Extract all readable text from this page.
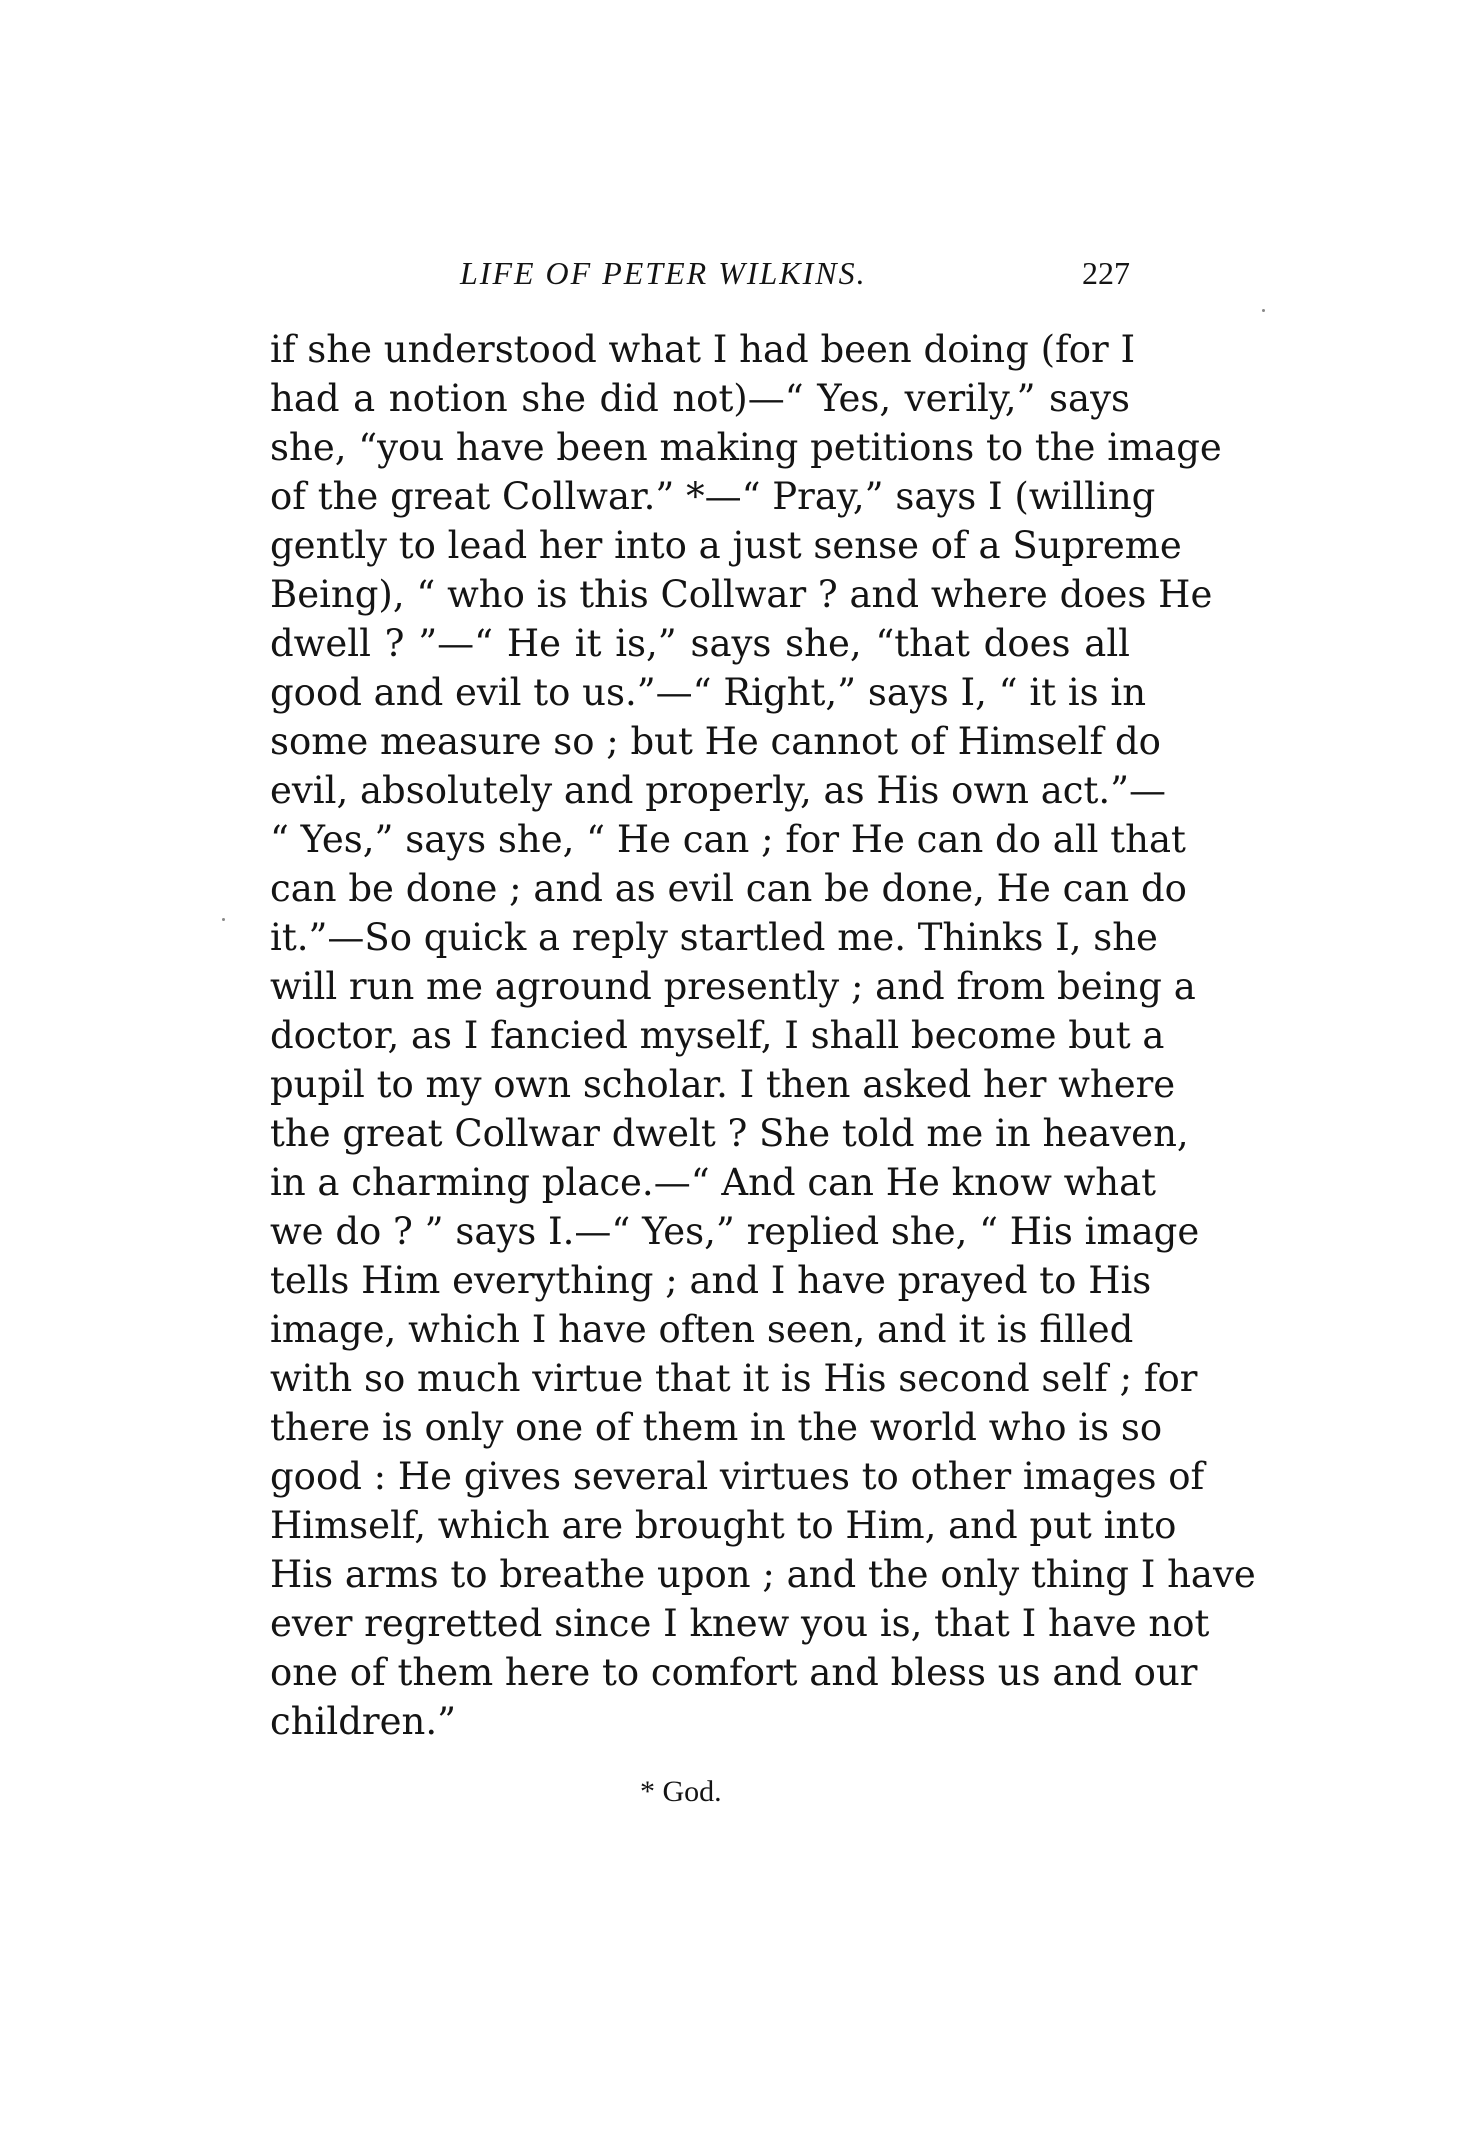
LIFE OF PETER WILKINS.	227
if she understood what I had been doing (for I
had a notion she did not)—“ Yes, verily,” says
she, “you have been making petitions to the image
of the great Collwar.” *—“ Pray,” says I (willing
gently to lead her into a just sense of a Supreme
Being), “ who is this Collwar ? and where does He
dwell ? ”—“ He it is,” says she, “that does all
good and evil to us.”—“ Right,” says I, “ it is in
some measure so ; but He cannot of Himself do
evil, absolutely and properly, as His own act.”—
“ Yes,” says she, “ He can ; for He can do all that
can be done ; and as evil can be done, He can do
it.”—So quick a reply startled me. Thinks I, she
will run me aground presently ; and from being a
doctor, as I fancied myself, I shall become but a
pupil to my own scholar. I then asked her where
the great Collwar dwelt ? She told me in heaven,
in a charming place.—“ And can He know what
we do ? ” says I.—“ Yes,” replied she, “ His image
tells Him everything ; and I have prayed to His
image, which I have often seen, and it is filled
with so much virtue that it is His second self ; for
there is only one of them in the world who is so
good : He gives several virtues to other images of
Himself, which are brought to Him, and put into
His arms to breathe upon ; and the only thing I have
ever regretted since I knew you is, that I have not
one of them here to comfort and bless us and our
children.”
* God.
